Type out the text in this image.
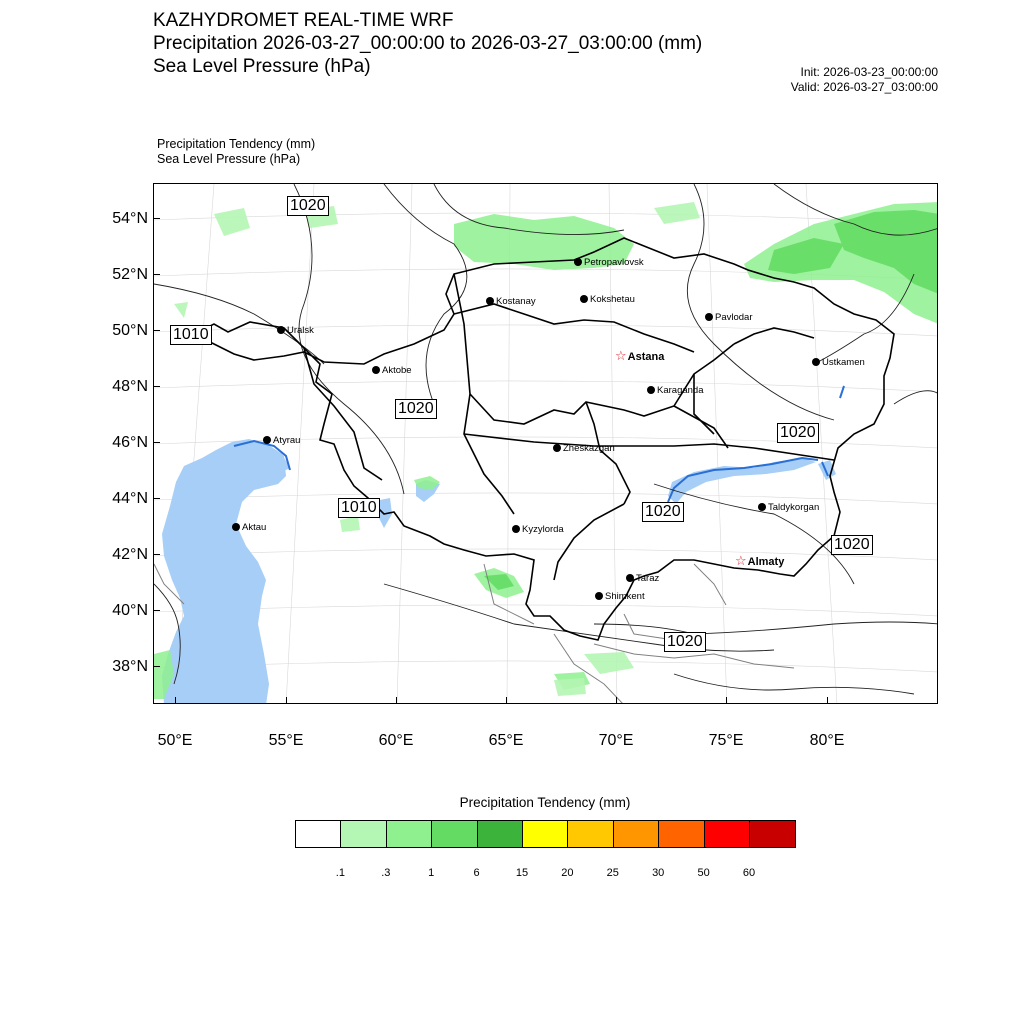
KAZHYDROMET REAL-TIME WRF
Precipitation 2026-03-27_00:00:00 to 2026-03-27_03:00:00 (mm)
Sea Level Pressure (hPa)	Init: 2026-03-23_00:00:00
Valid: 2026-03-27_03:00:00
Precipitation Tendency (mm)
Sea Level Pressure (hPa)
Petropavlovsk
Kostanay	Kokshetau
Pavlodar
Uralsk
☆Astana	Ustkamen
Aktobe
Karaganda
Atyrau
Zheskazgan
Aktau	Kyzylorda
Taldykorgan
☆Almaty
Taraz
Shimkent
1020
1010
1020
1020
1010	1020
1020
1020
54°N
52°N
50°N
48°N
46°N
44°N
42°N
40°N
38°N
50°E	55°E	60°E	65°E	70°E	75°E	80°E
Precipitation Tendency (mm)
.1	.3	1	6	15	20	25	30	50	60
